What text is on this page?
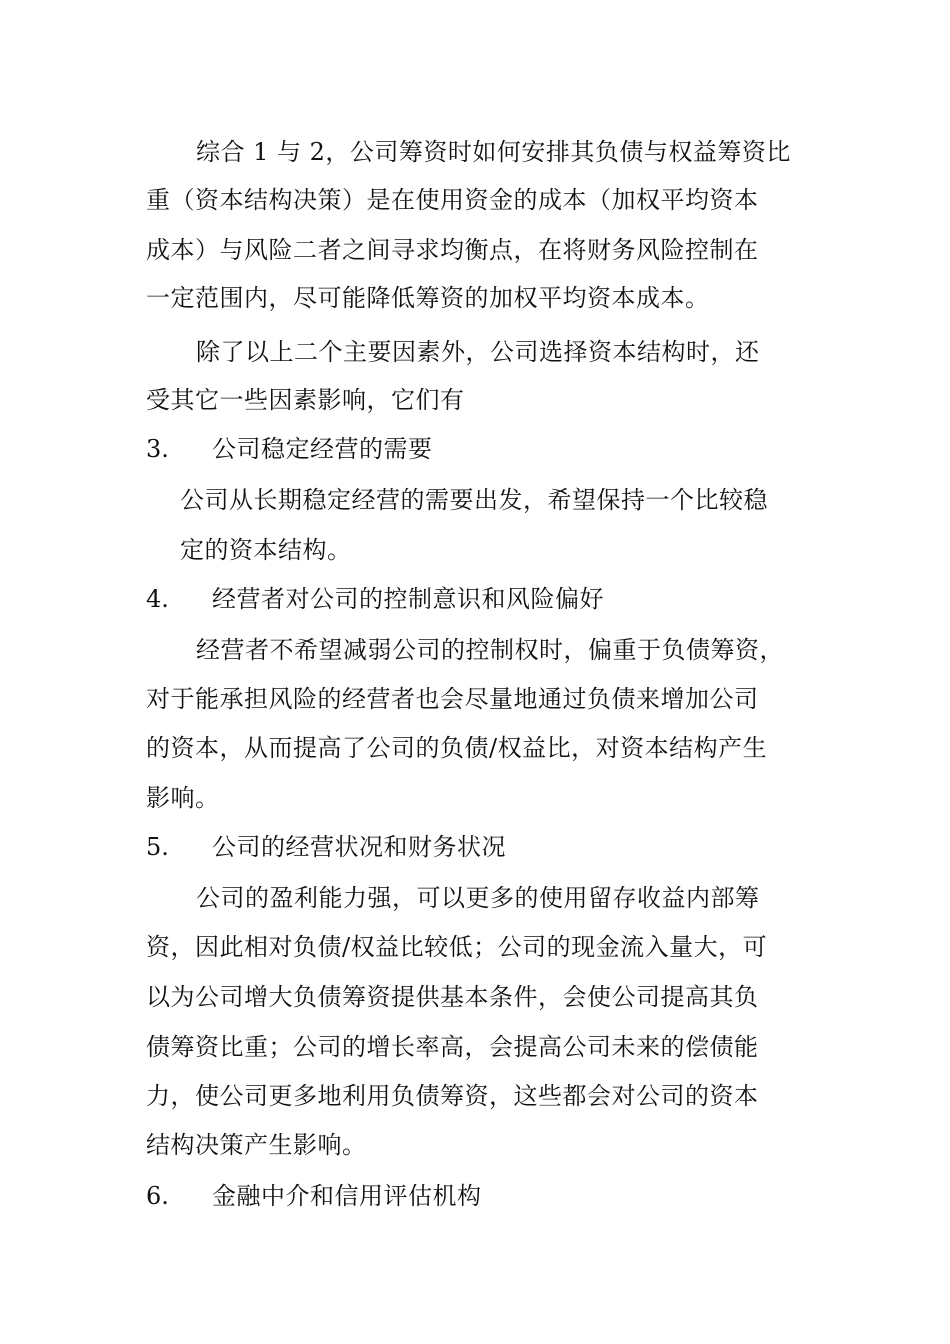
综合 1 与 2，公司筹资时如何安排其负债与权益筹资比
重（资本结构决策）是在使用资金的成本（加权平均资本
成本）与风险二者之间寻求均衡点，在将财务风险控制在
一定范围内，尽可能降低筹资的加权平均资本成本。
除了以上二个主要因素外，公司选择资本结构时，还
受其它一些因素影响，它们有
3. 公司稳定经营的需要
公司从长期稳定经营的需要出发，希望保持一个比较稳
定的资本结构。
4. 经营者对公司的控制意识和风险偏好
经营者不希望减弱公司的控制权时，偏重于负债筹资，
对于能承担风险的经营者也会尽量地通过负债来增加公司
的资本，从而提高了公司的负债/权益比，对资本结构产生
影响。
5. 公司的经营状况和财务状况
公司的盈利能力强，可以更多的使用留存收益内部筹
资，因此相对负债/权益比较低；公司的现金流入量大，可
以为公司增大负债筹资提供基本条件，会使公司提高其负
债筹资比重；公司的增长率高，会提高公司未来的偿债能
力，使公司更多地利用负债筹资，这些都会对公司的资本
结构决策产生影响。
6. 金融中介和信用评估机构
